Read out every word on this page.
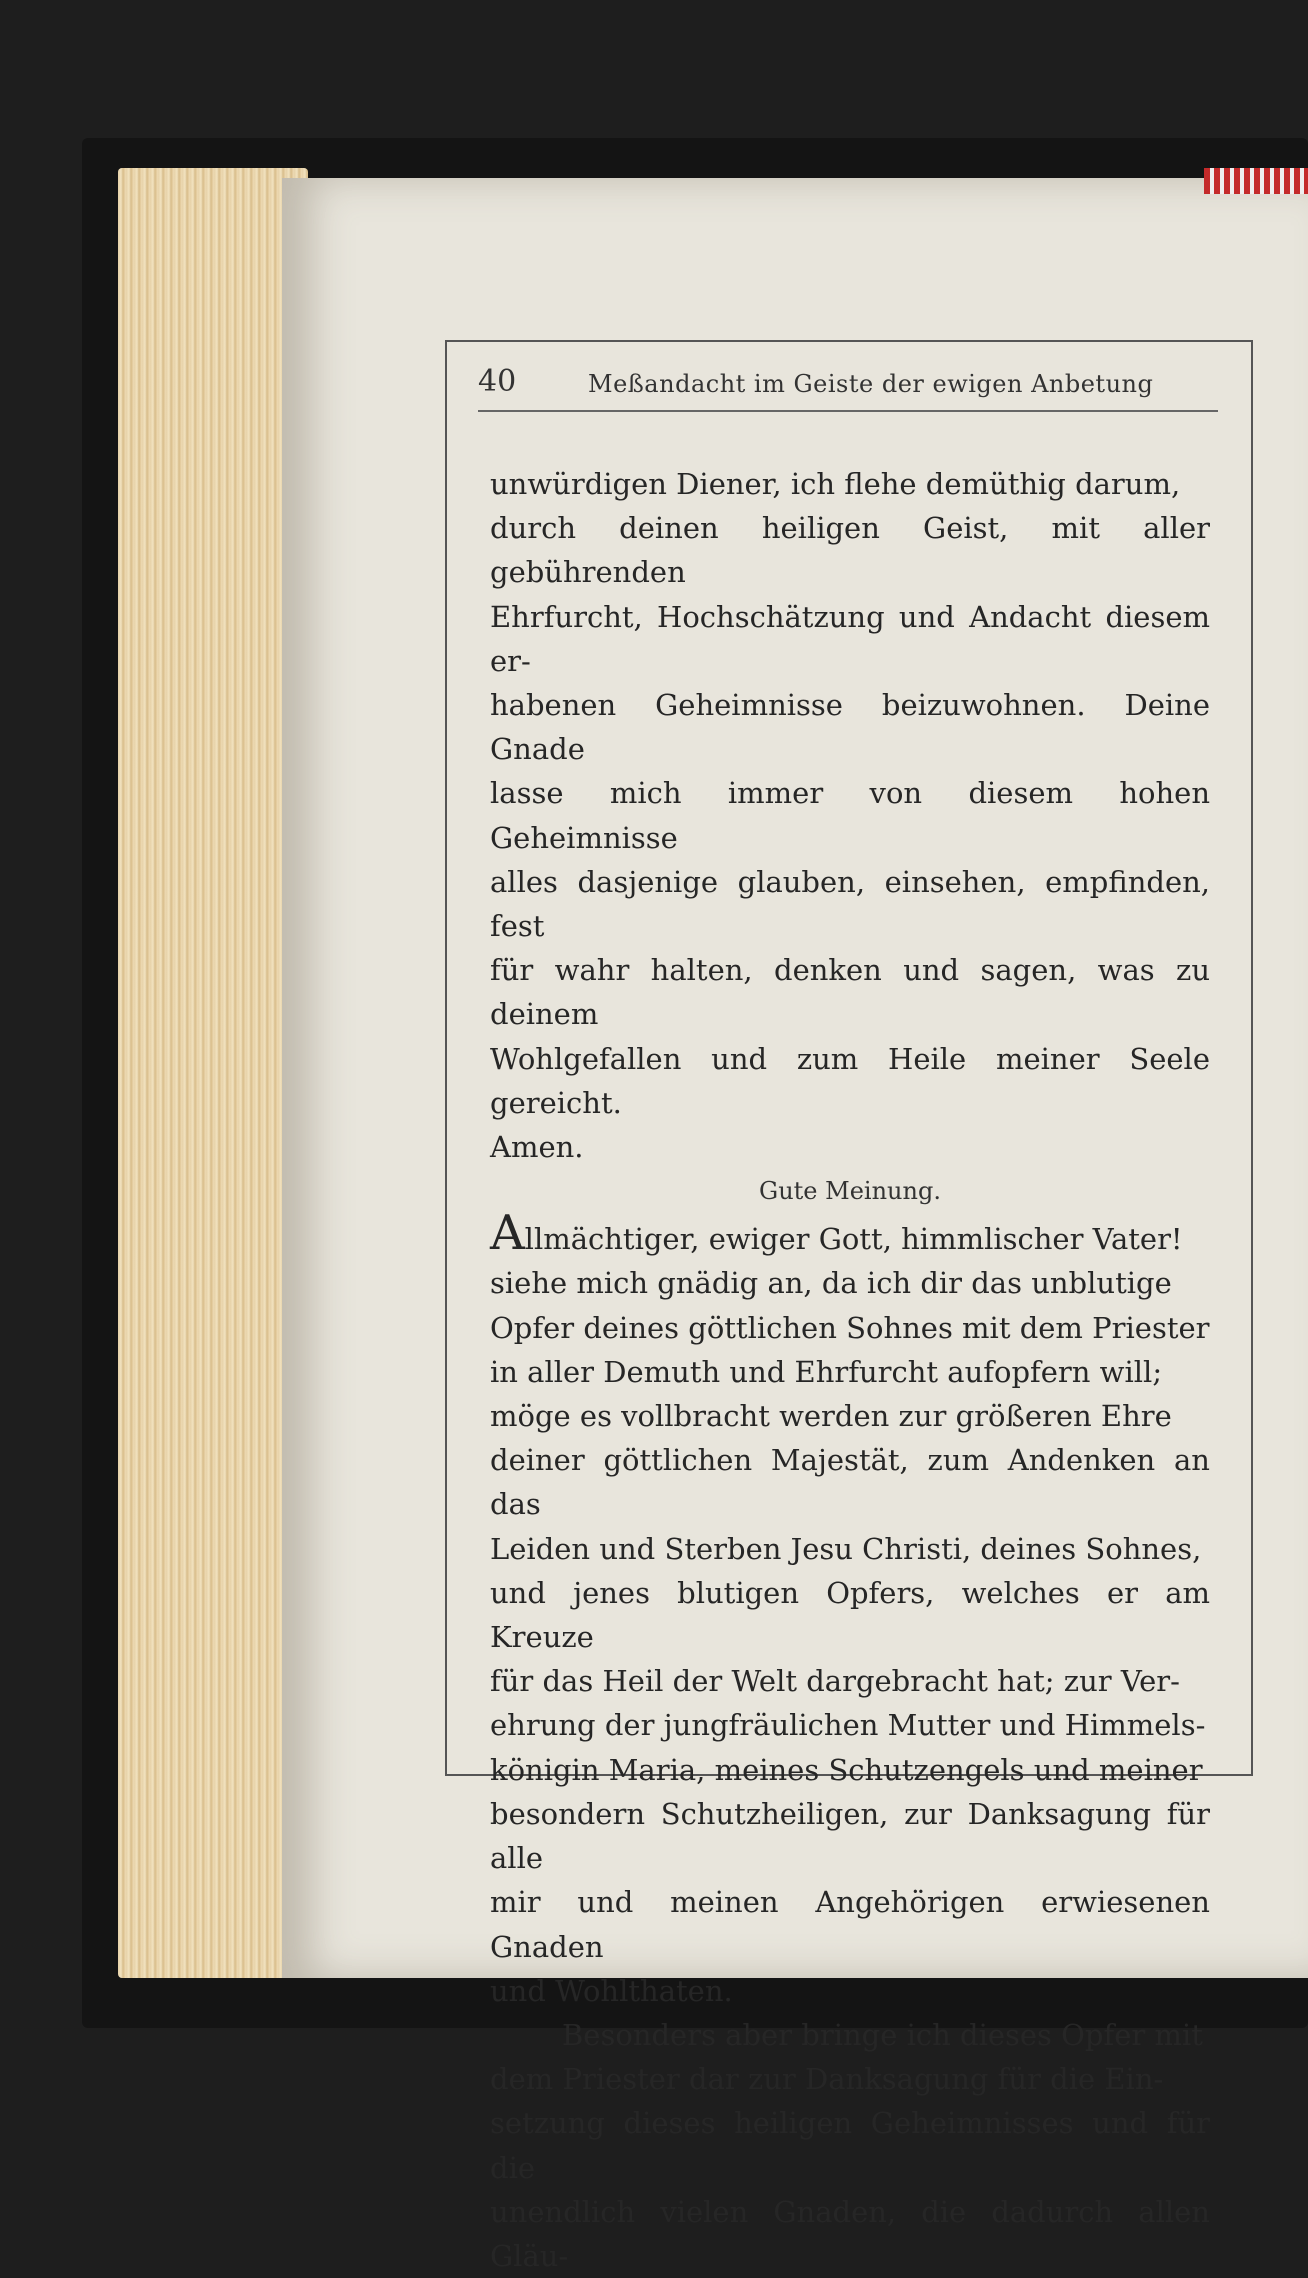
40	Meßandacht im Geiste der ewigen Anbetung

unwürdigen Diener, ich flehe demüthig darum,
durch deinen heiligen Geist, mit aller gebührenden
Ehrfurcht, Hochschätzung und Andacht diesem er-
habenen Geheimnisse beizuwohnen. Deine Gnade
lasse mich immer von diesem hohen Geheimnisse
alles dasjenige glauben, einsehen, empfinden, fest
für wahr halten, denken und sagen, was zu deinem
Wohlgefallen und zum Heile meiner Seele gereicht.
Amen.

Gute Meinung.

Allmächtiger, ewiger Gott, himmlischer Vater!
siehe mich gnädig an, da ich dir das unblutige
Opfer deines göttlichen Sohnes mit dem Priester
in aller Demuth und Ehrfurcht aufopfern will;
möge es vollbracht werden zur größeren Ehre
deiner göttlichen Majestät, zum Andenken an das
Leiden und Sterben Jesu Christi, deines Sohnes,
und jenes blutigen Opfers, welches er am Kreuze
für das Heil der Welt dargebracht hat; zur Ver-
ehrung der jungfräulichen Mutter und Himmels-
königin Maria, meines Schutzengels und meiner
besondern Schutzheiligen, zur Danksagung für alle
mir und meinen Angehörigen erwiesenen Gnaden
und Wohlthaten.

Besonders aber bringe ich dieses Opfer mit
dem Priester dar zur Danksagung für die Ein-
setzung dieses heiligen Geheimnisses und für die
unendlich vielen Gnaden, die dadurch allen Gläu-
